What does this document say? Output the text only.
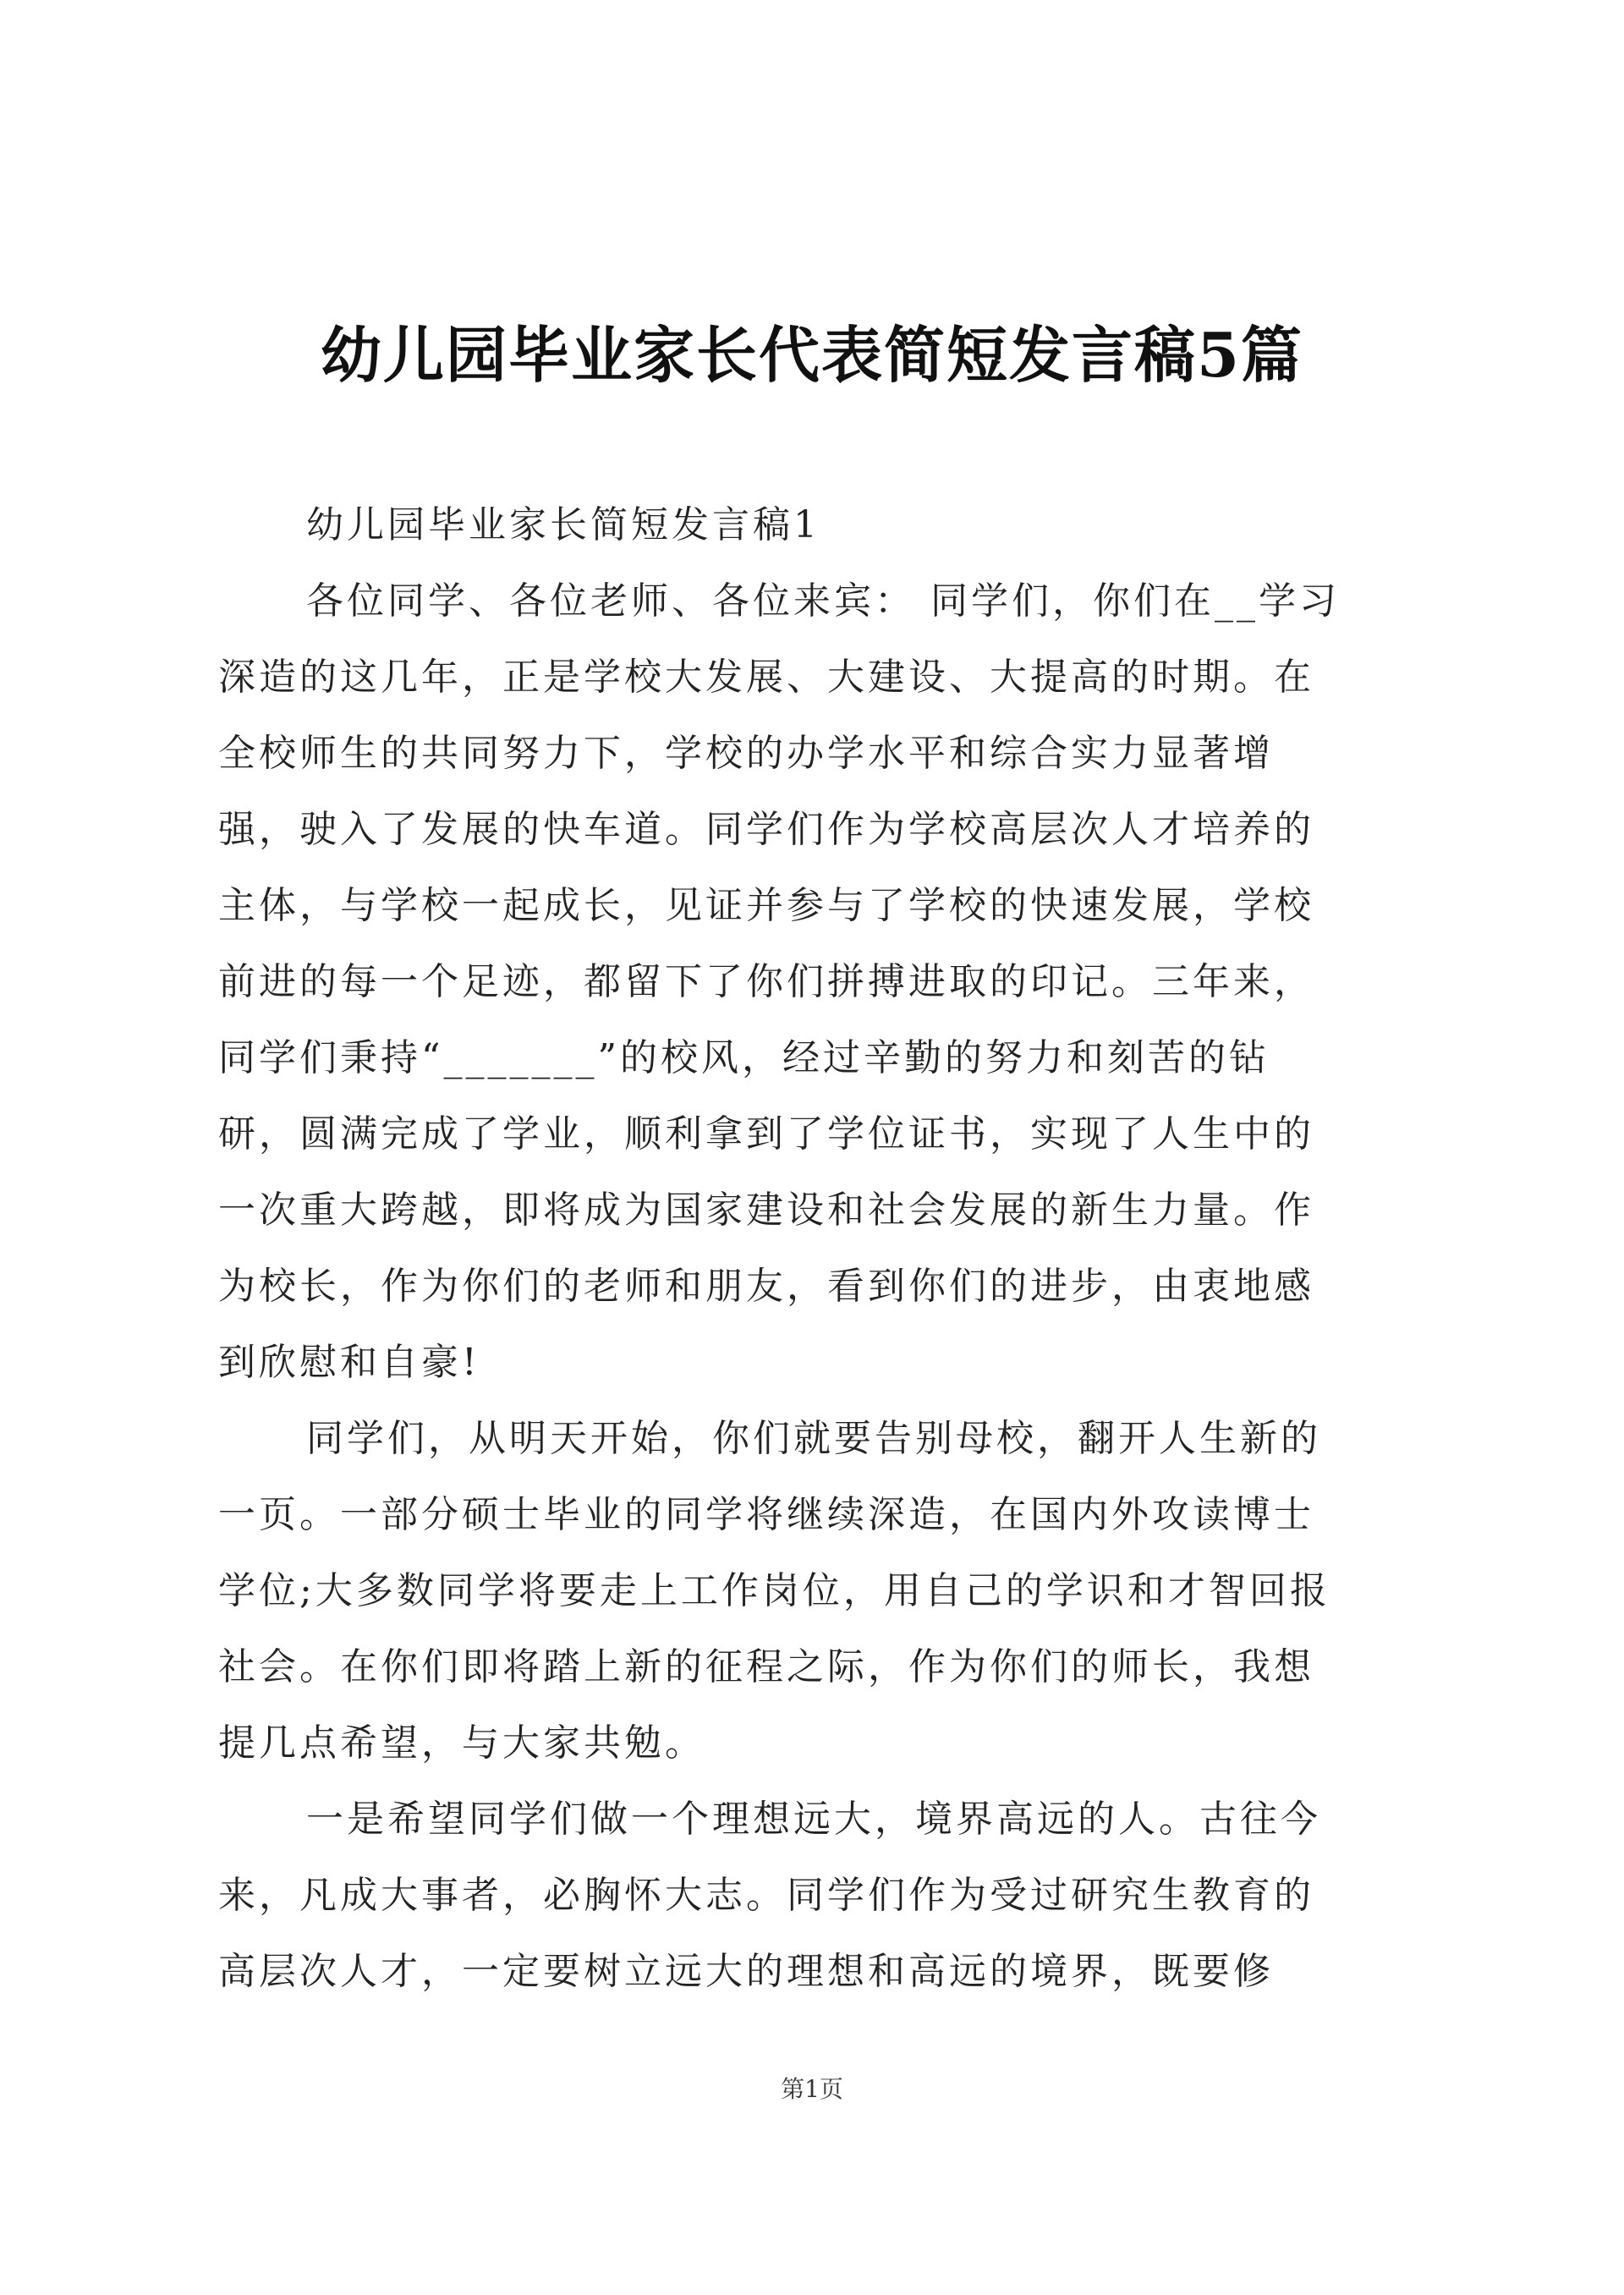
幼儿园毕业家长代表简短发言稿5篇
幼儿园毕业家长简短发言稿1
各位同学、各位老师、各位来宾： 同学们，你们在__学习
深造的这几年，正是学校大发展、大建设、大提高的时期。在
全校师生的共同努力下，学校的办学水平和综合实力显著增
强，驶入了发展的快车道。同学们作为学校高层次人才培养的
主体，与学校一起成长，见证并参与了学校的快速发展，学校
前进的每一个足迹，都留下了你们拼搏进取的印记。三年来，
同学们秉持“_______”的校风，经过辛勤的努力和刻苦的钻
研，圆满完成了学业，顺利拿到了学位证书，实现了人生中的
一次重大跨越，即将成为国家建设和社会发展的新生力量。作
为校长，作为你们的老师和朋友，看到你们的进步，由衷地感
到欣慰和自豪!
同学们，从明天开始，你们就要告别母校，翻开人生新的
一页。一部分硕士毕业的同学将继续深造，在国内外攻读博士
学位;大多数同学将要走上工作岗位，用自己的学识和才智回报
社会。在你们即将踏上新的征程之际，作为你们的师长，我想
提几点希望，与大家共勉。
一是希望同学们做一个理想远大，境界高远的人。古往今
来，凡成大事者，必胸怀大志。同学们作为受过研究生教育的
高层次人才，一定要树立远大的理想和高远的境界，既要修
第1页
